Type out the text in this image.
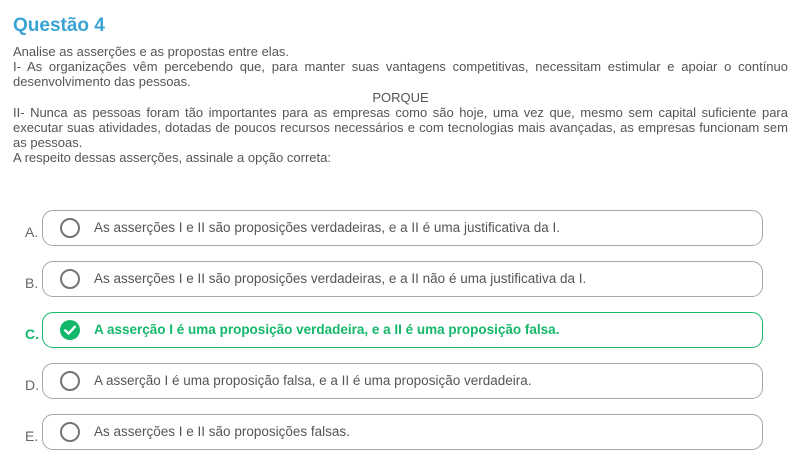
Questão 4

Analise as asserções e as propostas entre elas.

I- As organizações vêm percebendo que, para manter suas vantagens competitivas, necessitam estimular e apoiar o contínuo desenvolvimento das pessoas.

PORQUE

II- Nunca as pessoas foram tão importantes para as empresas como são hoje, uma vez que, mesmo sem capital suficiente para executar suas atividades, dotadas de poucos recursos necessários e com tecnologias mais avançadas, as empresas funcionam sem as pessoas.

A respeito dessas asserções, assinale a opção correta:

A.	As asserções I e II são proposições verdadeiras, e a II é uma justificativa da I.
B.	As asserções I e II são proposições verdadeiras, e a II não é uma justificativa da I.
C.	A asserção I é uma proposição verdadeira, e a II é uma proposição falsa.
D.	A asserção I é uma proposição falsa, e a II é uma proposição verdadeira.
E.	As asserções I e II são proposições falsas.
